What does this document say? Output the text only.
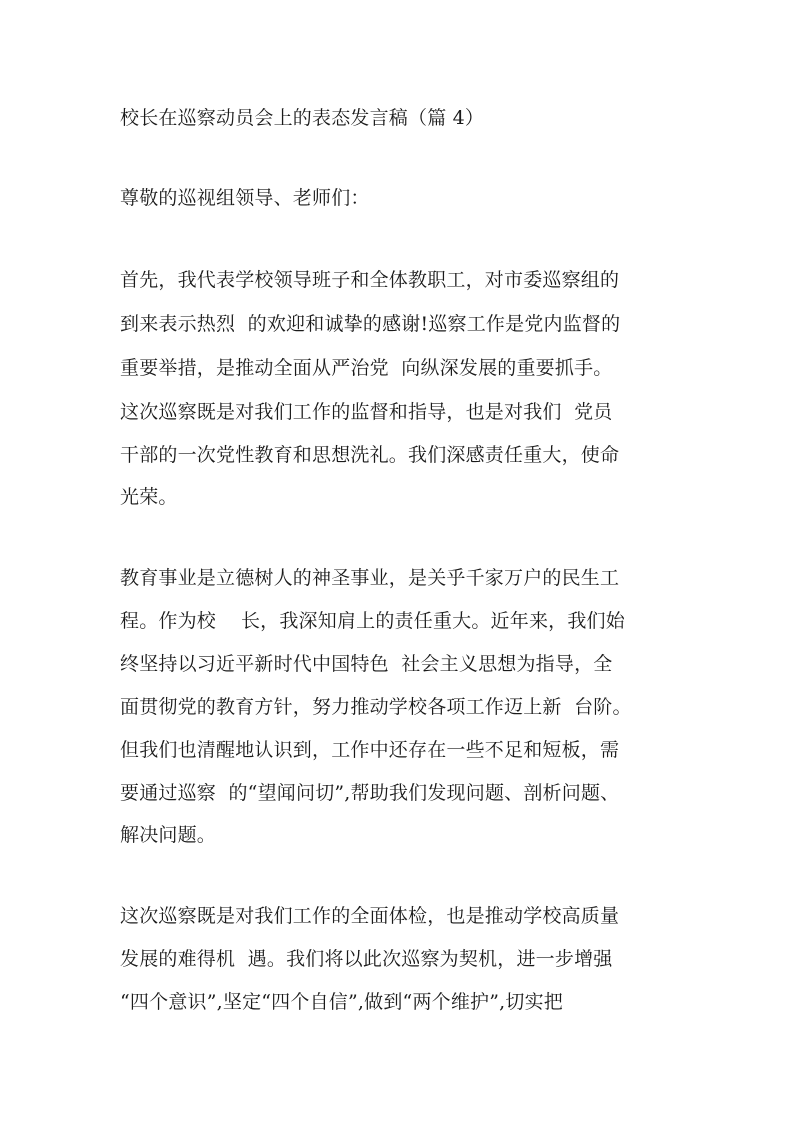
校长在巡察动员会上的表态发言稿（篇 4）
尊敬的巡视组领导、老师们：
首先，我代表学校领导班子和全体教职工，对市委巡察组的
到来表示热烈  的欢迎和诚挚的感谢!巡察工作是党内监督的
重要举措，是推动全面从严治党  向纵深发展的重要抓手。
这次巡察既是对我们工作的监督和指导，也是对我们  党员
干部的一次党性教育和思想洗礼。我们深感责任重大，使命
光荣。
教育事业是立德树人的神圣事业，是关乎千家万户的民生工
程。作为校    长，我深知肩上的责任重大。近年来，我们始
终坚持以习近平新时代中国特色  社会主义思想为指导，全
面贯彻党的教育方针，努力推动学校各项工作迈上新  台阶。
但我们也清醒地认识到，工作中还存在一些不足和短板，需
要通过巡察  的“望闻问切”,帮助我们发现问题、剖析问题、
解决问题。
这次巡察既是对我们工作的全面体检，也是推动学校高质量
发展的难得机  遇。我们将以此次巡察为契机，进一步增强
“四个意识”,坚定“四个自信”,做到“两个维护”,切实把
